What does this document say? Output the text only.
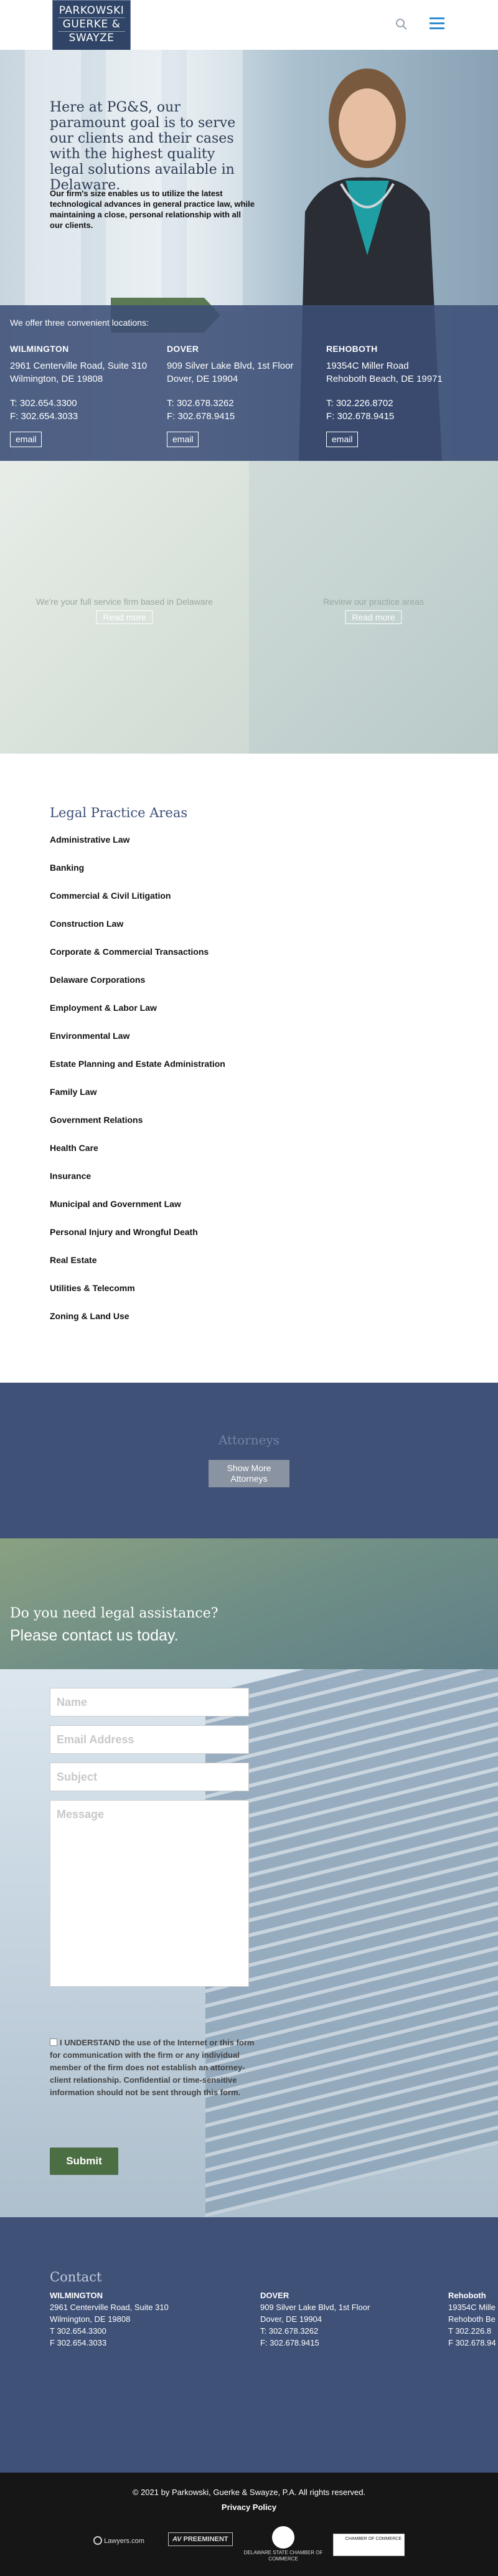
PARKOWSKI
GUERKE &
SWAYZE
Here at PG&S, our paramount goal is to serve our clients and their cases with the highest quality legal solutions available in Delaware.
Our firm's size enables us to utilize the latest technological advances in general practice law, while maintaining a close, personal relationship with all our clients.
We offer three convenient locations:
WILMINGTON
2961 Centerville Road, Suite 310
Wilmington, DE 19808
T: 302.654.3300
F: 302.654.3033
email
DOVER
909 Silver Lake Blvd, 1st Floor
Dover, DE 19904
T: 302.678.3262
F: 302.678.9415
email
REHOBOTH
19354C Miller Road
Rehoboth Beach, DE 19971
T: 302.226.8702
F: 302.678.9415
email
We're your full service firm based in Delaware
Read more
Review our practice areas
Read more
Legal Practice Areas
Administrative Law
Banking
Commercial & Civil Litigation
Construction Law
Corporate & Commercial Transactions
Delaware Corporations
Employment & Labor Law
Environmental Law
Estate Planning and Estate Administration
Family Law
Government Relations
Health Care
Insurance
Municipal and Government Law
Personal Injury and Wrongful Death
Real Estate
Utilities & Telecomm
Zoning & Land Use
Attorneys
Show More
Attorneys
Do you need legal assistance?
Please contact us today.
Name
Email Address
Subject
Message
I UNDERSTAND the use of the Internet or this form for communication with the firm or any individual member of the firm does not establish an attorney-client relationship. Confidential or time-sensitive information should not be sent through this form.
Submit
Contact
WILMINGTON
2961 Centerville Road, Suite 310
Wilmington, DE 19808
T 302.654.3300
F 302.654.3033
DOVER
909 Silver Lake Blvd, 1st Floor
Dover, DE 19904
T: 302.678.3262
F: 302.678.9415
Rehoboth
19354C Mille
Rehoboth Be
T 302.226.8
F 302.678.94
© 2021 by Parkowski, Guerke & Swayze, P.A. All rights reserved.
Privacy Policy
Lawyers.com	AV PREEMINENT
DELAWARE STATE CHAMBER OF COMMERCE
CHAMBER OF COMMERCE
